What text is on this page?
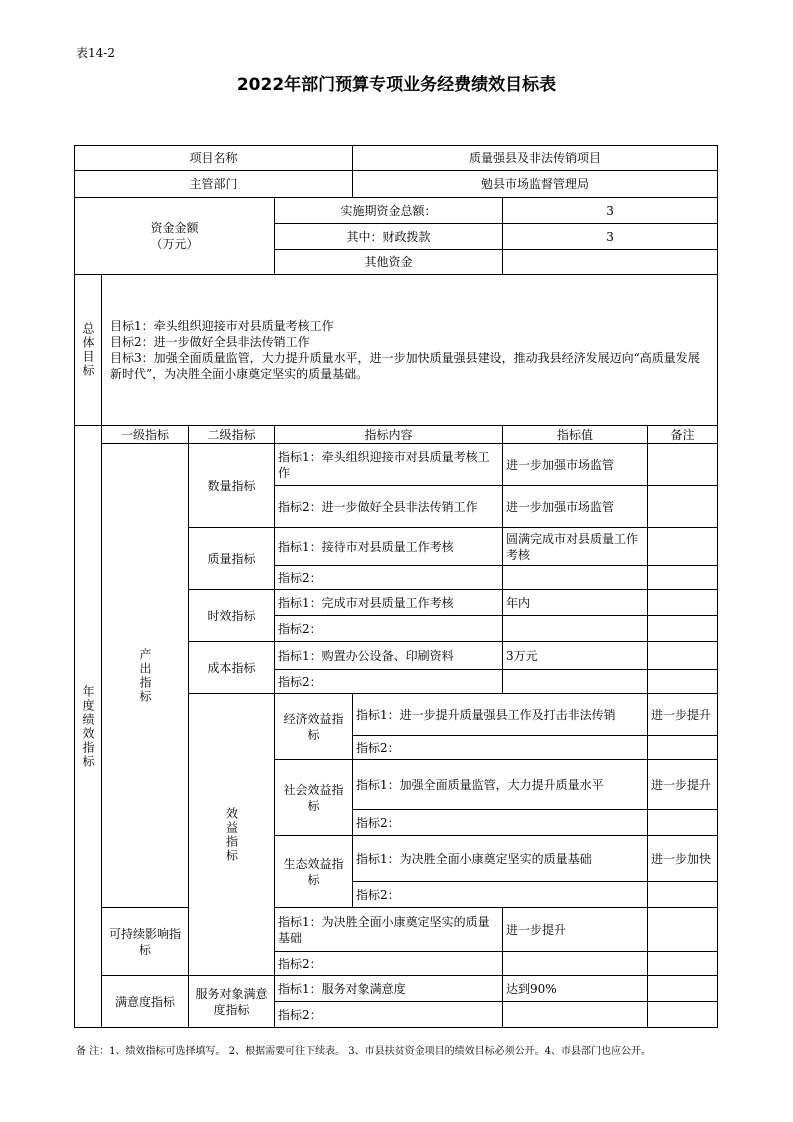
表14-2
2022年部门预算专项业务经费绩效目标表
项目名称				质量强县及非法传销项目			
主管部门				勉县市场监督管理局			
资金金额
（万元）			实施期资金总额：		3		
			其中：财政拨款		3		
			其他资金				
总体目标	目标1：牵头组织迎接市对县质量考核工作
目标2：进一步做好全县非法传销工作
目标3：加强全面质量监管，大力提升质量水平，进一步加快质量强县建设，推动我县经济发展迈向“高质量发展新时代”，为决胜全面小康奠定坚实的质量基础。						

年度绩效指标	一级指标	二级指标	指标内容		指标值	备注	
	产出指标	数量指标	指标1：牵头组织迎接市对县质量考核工作		进一步加强市场监管		
			指标2：进一步做好全县非法传销工作		进一步加强市场监管		
		质量指标	指标1：接待市对县质量工作考核		圆满完成市对县质量工作考核		
			指标2：				
		时效指标	指标1：完成市对县质量工作考核		年内		
			指标2：				
		成本指标	指标1：购置办公设备、印刷资料		3万元		
			指标2：				
		效益指标	经济效益指标	指标1：进一步提升质量强县工作及打击非法传销		进一步提升	
				指标2：			
			社会效益指标	指标1：加强全面质量监管，大力提升质量水平		进一步提升	
				指标2：			
			生态效益指标	指标1：为决胜全面小康奠定坚实的质量基础		进一步加快	
				指标2：			
	可持续影响指标		指标1：为决胜全面小康奠定坚实的质量基础		进一步提升		
			指标2：				
	满意度指标	服务对象满意度指标	指标1：服务对象满意度		达到90%		
			指标2：				
备 注：1、绩效指标可选择填写。 2、根据需要可往下续表。 3、市县扶贫资金项目的绩效目标必须公开。4、市县部门也应公开。
